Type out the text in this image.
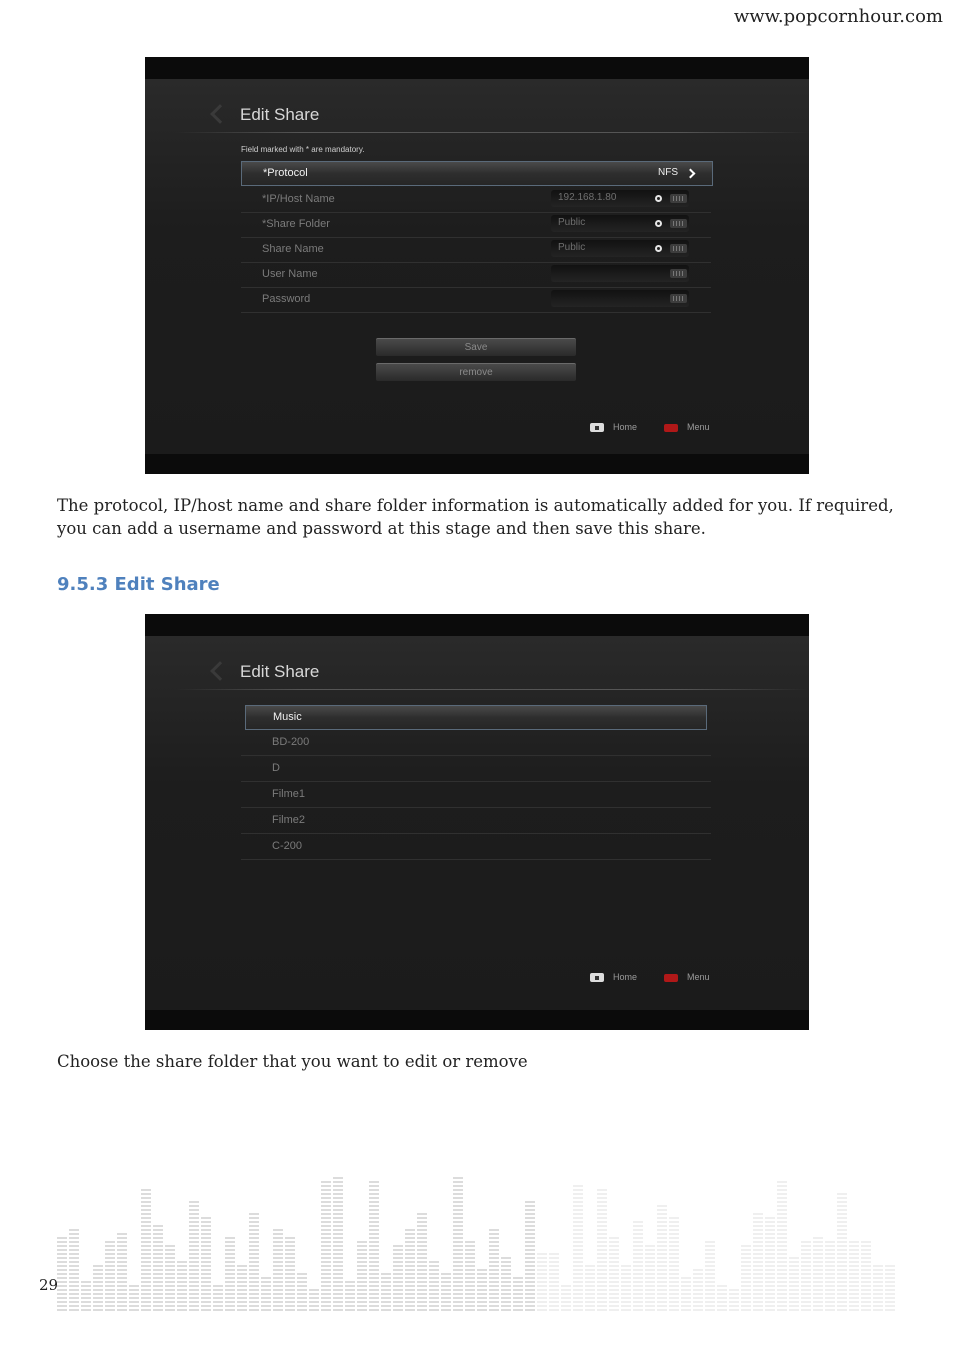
www.popcornhour.com
Edit Share
Field marked with * are mandatory.
*Protocol	NFS
*IP/Host Name	192.168.1.80
*Share Folder	Public
Share Name	Public
User Name
Password
Save
remove
Home	Menu
The protocol, IP/host name and share folder information is automatically added for you. If required, you can add a username and password at this stage and then save this share.
9.5.3 Edit Share
Edit Share
Music
BD-200
D
Filme1
Filme2
C-200
Home	Menu
Choose the share folder that you want to edit or remove
29
